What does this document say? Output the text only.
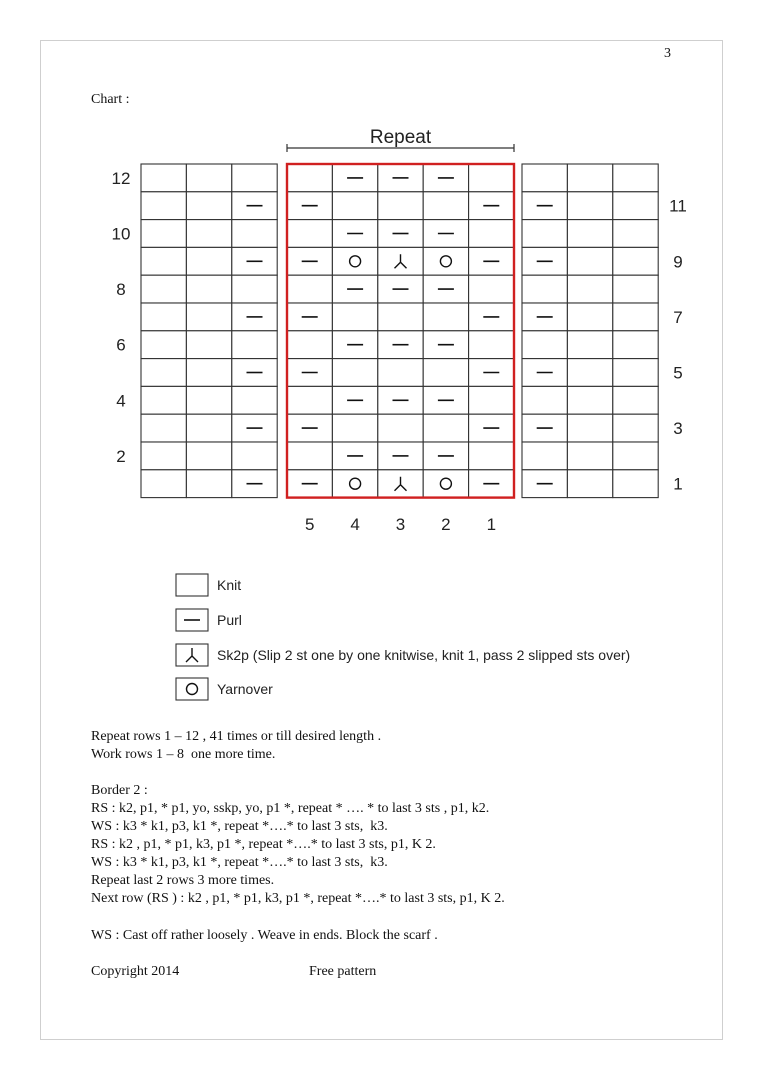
3
Chart :
Repeat
12
10
8
6
4
2
11
9
7
5
3
1
5 4 3 2 1
Knit
Purl
Sk2p (Slip 2 st one by one knitwise, knit 1, pass 2 slipped sts over)
Yarnover
Repeat rows 1 – 12 , 41 times or till desired length .
Work rows 1 – 8  one more time.
Border 2 :
RS : k2, p1, * p1, yo, sskp, yo, p1 *, repeat * …. * to last 3 sts , p1, k2.
WS : k3 * k1, p3, k1 *, repeat *….* to last 3 sts,  k3.
RS : k2 , p1, * p1, k3, p1 *, repeat *….* to last 3 sts, p1, K 2.
WS : k3 * k1, p3, k1 *, repeat *….* to last 3 sts,  k3.
Repeat last 2 rows 3 more times.
Next row (RS ) : k2 , p1, * p1, k3, p1 *, repeat *….* to last 3 sts, p1, K 2.
WS : Cast off rather loosely . Weave in ends. Block the scarf .
Copyright 2014	Free pattern
